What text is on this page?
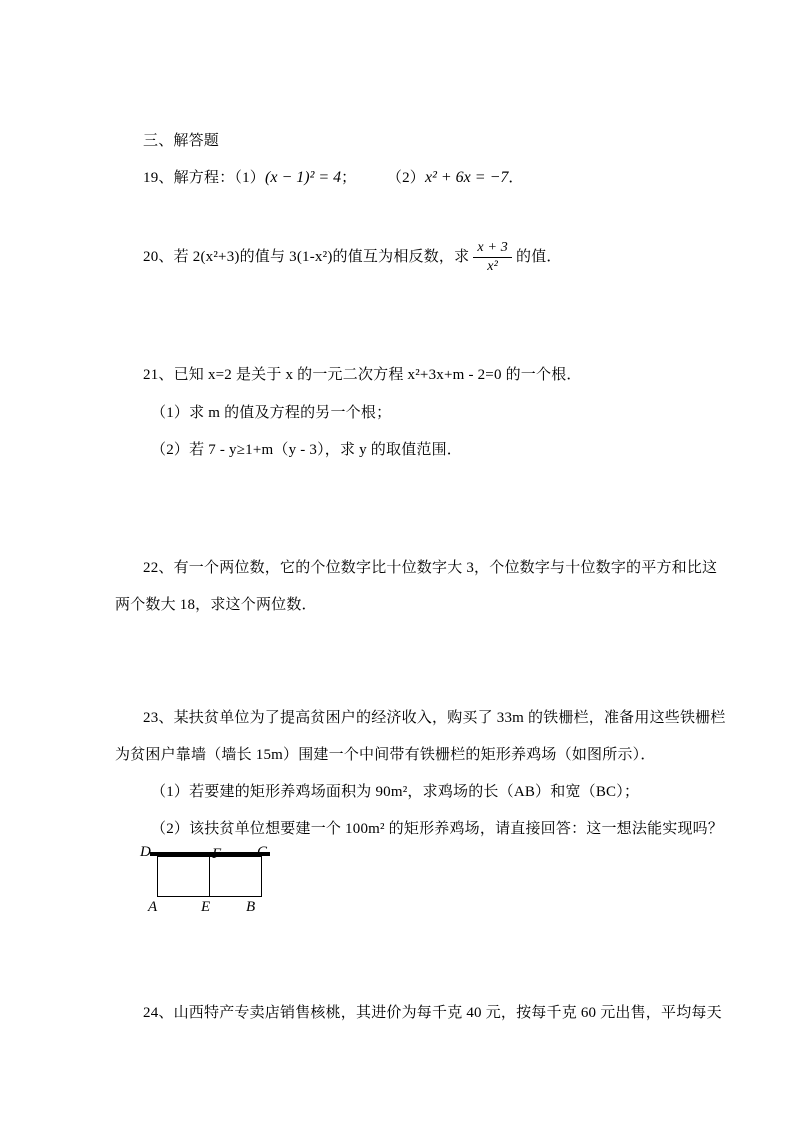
三、解答题
19、解方程：（1）(x − 1)² = 4；	（2）x² + 6x = −7．
20、若 2(x²+3)的值与 3(1-x²)的值互为相反数，求 $\frac{x + 3}{\text{x²}}$ 的值．
21、已知 x=2 是关于 x 的一元二次方程 x²+3x+m - 2=0 的一个根．
（1）求 m 的值及方程的另一个根；
（2）若 7 - y≥1+m（y - 3），求 y 的取值范围．
22、有一个两位数，它的个位数字比十位数字大 3，个位数字与十位数字的平方和比这
两个数大 18，求这个两位数．
23、某扶贫单位为了提高贫困户的经济收入，购买了 33m 的铁栅栏，准备用这些铁栅栏
为贫困户靠墙（墙长 15m）围建一个中间带有铁栅栏的矩形养鸡场（如图所示）．
（1）若要建的矩形养鸡场面积为 90m²，求鸡场的长（AB）和宽（BC）；
（2）该扶贫单位想要建一个 100m² 的矩形养鸡场，请直接回答：这一想法能实现吗？
D	F C
A	E B
24、山西特产专卖店销售核桃，其进价为每千克 40 元，按每千克 60 元出售，平均每天
